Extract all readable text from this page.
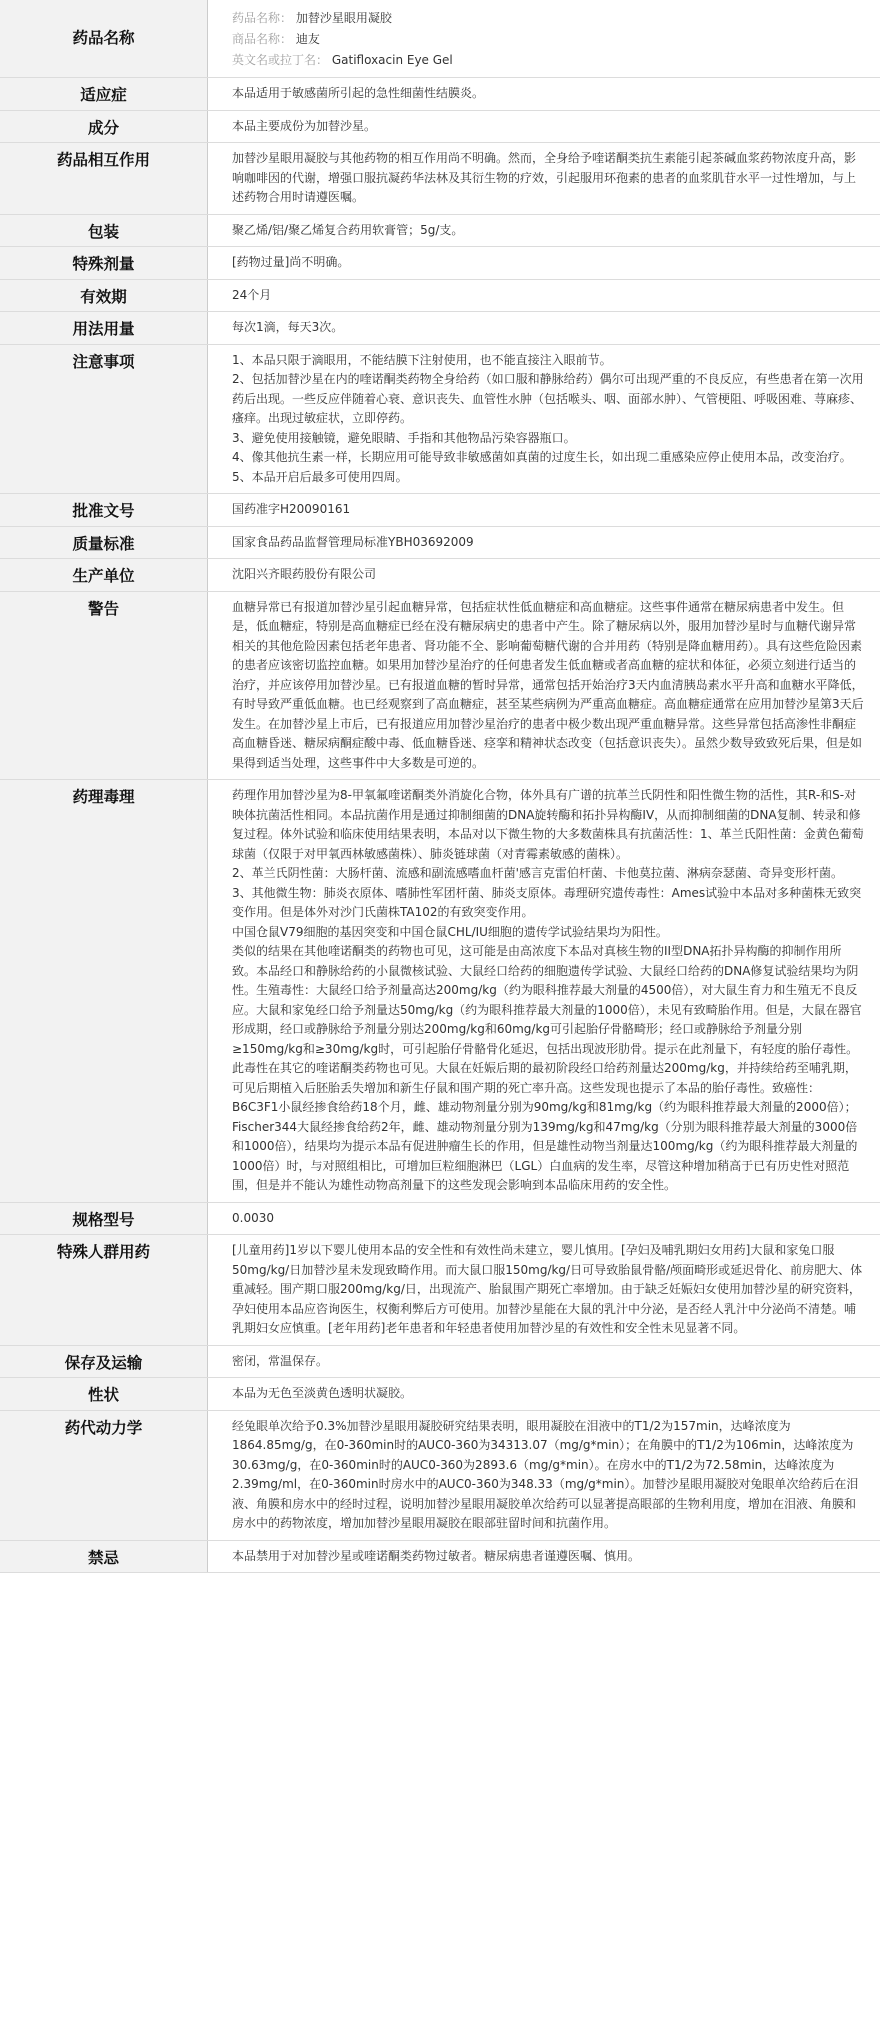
药品名称	药品名称： 加替沙星眼用凝胶
商品名称： 迪友
英文名或拉丁名： Gatifloxacin Eye Gel

适应症	本品适用于敏感菌所引起的急性细菌性结膜炎。
成分	本品主要成份为加替沙星。
药品相互作用	加替沙星眼用凝胶与其他药物的相互作用尚不明确。然而，全身给予喹诺酮类抗生素能引起茶碱血浆药物浓度升高，影响咖啡因的代谢，增强口服抗凝药华法林及其衍生物的疗效，引起服用环孢素的患者的血浆肌苷水平一过性增加，与上述药物合用时请遵医嘱。
包装	聚乙烯/铝/聚乙烯复合药用软膏管；5g/支。
特殊剂量	[药物过量]尚不明确。
有效期	24个月
用法用量	每次1滴，每天3次。
注意事项	1、本品只限于滴眼用，不能结膜下注射使用，也不能直接注入眼前节。

2、包括加替沙星在内的喹诺酮类药物全身给药（如口服和静脉给药）偶尔可出现严重的不良反应，有些患者在第一次用药后出现。一些反应伴随着心衰、意识丧失、血管性水肿（包括喉头、咽、面部水肿）、气管梗阻、呼吸困难、荨麻疹、瘙痒。出现过敏症状，立即停药。

3、避免使用接触镜，避免眼睛、手指和其他物品污染容器瓶口。

4、像其他抗生素一样，长期应用可能导致非敏感菌如真菌的过度生长，如出现二重感染应停止使用本品，改变治疗。

5、本品开启后最多可使用四周。

批准文号	国药准字H20090161
质量标准	国家食品药品监督管理局标准YBH03692009
生产单位	沈阳兴齐眼药股份有限公司
警告	血糖异常已有报道加替沙星引起血糖异常，包括症状性低血糖症和高血糖症。这些事件通常在糖尿病患者中发生。但是，低血糖症，特别是高血糖症已经在没有糖尿病史的患者中产生。除了糖尿病以外，服用加替沙星时与血糖代谢异常相关的其他危险因素包括老年患者、肾功能不全、影响葡萄糖代谢的合并用药（特别是降血糖用药）。具有这些危险因素的患者应该密切监控血糖。如果用加替沙星治疗的任何患者发生低血糖或者高血糖的症状和体征，必须立刻进行适当的治疗，并应该停用加替沙星。已有报道血糖的暂时异常，通常包括开始治疗3天内血清胰岛素水平升高和血糖水平降低，有时导致严重低血糖。也已经观察到了高血糖症，甚至某些病例为严重高血糖症。高血糖症通常在应用加替沙星第3天后发生。在加替沙星上市后，已有报道应用加替沙星治疗的患者中极少数出现严重血糖异常。这些异常包括高渗性非酮症高血糖昏迷、糖尿病酮症酸中毒、低血糖昏迷、痉挛和精神状态改变（包括意识丧失）。虽然少数导致致死后果，但是如果得到适当处理，这些事件中大多数是可逆的。
药理毒理	药理作用加替沙星为8-甲氧氟喹诺酮类外消旋化合物，体外具有广谱的抗革兰氏阴性和阳性微生物的活性，其R-和S-对映体抗菌活性相同。本品抗菌作用是通过抑制细菌的DNA旋转酶和拓扑异构酶IV，从而抑制细菌的DNA复制、转录和修复过程。体外试验和临床使用结果表明，本品对以下微生物的大多数菌株具有抗菌活性：1、革兰氏阳性菌：金黄色葡萄球菌（仅限于对甲氧西林敏感菌株）、肺炎链球菌（对青霉素敏感的菌株）。

2、革兰氏阴性菌：大肠杆菌、流感和副流感嗜血杆菌'感言克雷伯杆菌、卡他莫拉菌、淋病奈瑟菌、奇异变形杆菌。

3、其他微生物：肺炎衣原体、嗜肺性军团杆菌、肺炎支原体。毒理研究遗传毒性：Ames试验中本品对多种菌株无致突变作用。但是体外对沙门氏菌株TA102的有致突变作用。

中国仓鼠V79细胞的基因突变和中国仓鼠CHL/IU细胞的遗传学试验结果均为阳性。

类似的结果在其他喹诺酮类的药物也可见，这可能是由高浓度下本品对真核生物的II型DNA拓扑异构酶的抑制作用所致。本品经口和静脉给药的小鼠微核试验、大鼠经口给药的细胞遗传学试验、大鼠经口给药的DNA修复试验结果均为阴性。生殖毒性：大鼠经口给予剂量高达200mg/kg（约为眼科推荐最大剂量的4500倍），对大鼠生育力和生殖无不良反应。大鼠和家兔经口给予剂量达50mg/kg（约为眼科推荐最大剂量的1000倍），未见有致畸胎作用。但是，大鼠在器官形成期，经口或静脉给予剂量分别达200mg/kg和60mg/kg可引起胎仔骨骼畸形；经口或静脉给予剂量分别≥150mg/kg和≥30mg/kg时，可引起胎仔骨骼骨化延迟，包括出现波形肋骨。提示在此剂量下，有轻度的胎仔毒性。此毒性在其它的喹诺酮类药物也可见。大鼠在妊娠后期的最初阶段经口给药剂量达200mg/kg，并持续给药至哺乳期，可见后期植入后胚胎丢失增加和新生仔鼠和围产期的死亡率升高。这些发现也提示了本品的胎仔毒性。致癌性：B6C3F1小鼠经掺食给药18个月，雌、雄动物剂量分别为90mg/kg和81mg/kg（约为眼科推荐最大剂量的2000倍）；Fischer344大鼠经掺食给药2年，雌、雄动物剂量分别为139mg/kg和47mg/kg（分别为眼科推荐最大剂量的3000倍和1000倍），结果均为提示本品有促进肿瘤生长的作用，但是雄性动物当剂量达100mg/kg（约为眼科推荐最大剂量的1000倍）时，与对照组相比，可增加巨粒细胞淋巴（LGL）白血病的发生率，尽管这种增加稍高于已有历史性对照范围，但是并不能认为雄性动物高剂量下的这些发现会影响到本品临床用药的安全性。

规格型号	0.0030
特殊人群用药	[儿童用药]1岁以下婴儿使用本品的安全性和有效性尚未建立，婴儿慎用。[孕妇及哺乳期妇女用药]大鼠和家兔口服50mg/kg/日加替沙星未发现致畸作用。而大鼠口服150mg/kg/日可导致胎鼠骨骼/颅面畸形或延迟骨化、前房肥大、体重减轻。围产期口服200mg/kg/日，出现流产、胎鼠围产期死亡率增加。由于缺乏妊娠妇女使用加替沙星的研究资料，孕妇使用本品应咨询医生，权衡利弊后方可使用。加替沙星能在大鼠的乳汁中分泌，是否经人乳汁中分泌尚不清楚。哺乳期妇女应慎重。[老年用药]老年患者和年轻患者使用加替沙星的有效性和安全性未见显著不同。
保存及运输	密闭，常温保存。
性状	本品为无色至淡黄色透明状凝胶。
药代动力学	经兔眼单次给予0.3%加替沙星眼用凝胶研究结果表明，眼用凝胶在泪液中的T1/2为157min，达峰浓度为1864.85mg/g，在0-360min时的AUC0-360为34313.07（mg/g*min）；在角膜中的T1/2为106min，达峰浓度为30.63mg/g，在0-360min时的AUC0-360为2893.6（mg/g*min）。在房水中的T1/2为72.58min，达峰浓度为2.39mg/ml，在0-360min时房水中的AUC0-360为348.33（mg/g*min）。加替沙星眼用凝胶对兔眼单次给药后在泪液、角膜和房水中的经时过程，说明加替沙星眼用凝胶单次给药可以显著提高眼部的生物利用度，增加在泪液、角膜和房水中的药物浓度，增加加替沙星眼用凝胶在眼部驻留时间和抗菌作用。
禁忌	本品禁用于对加替沙星或喹诺酮类药物过敏者。糖尿病患者谨遵医嘱、慎用。
